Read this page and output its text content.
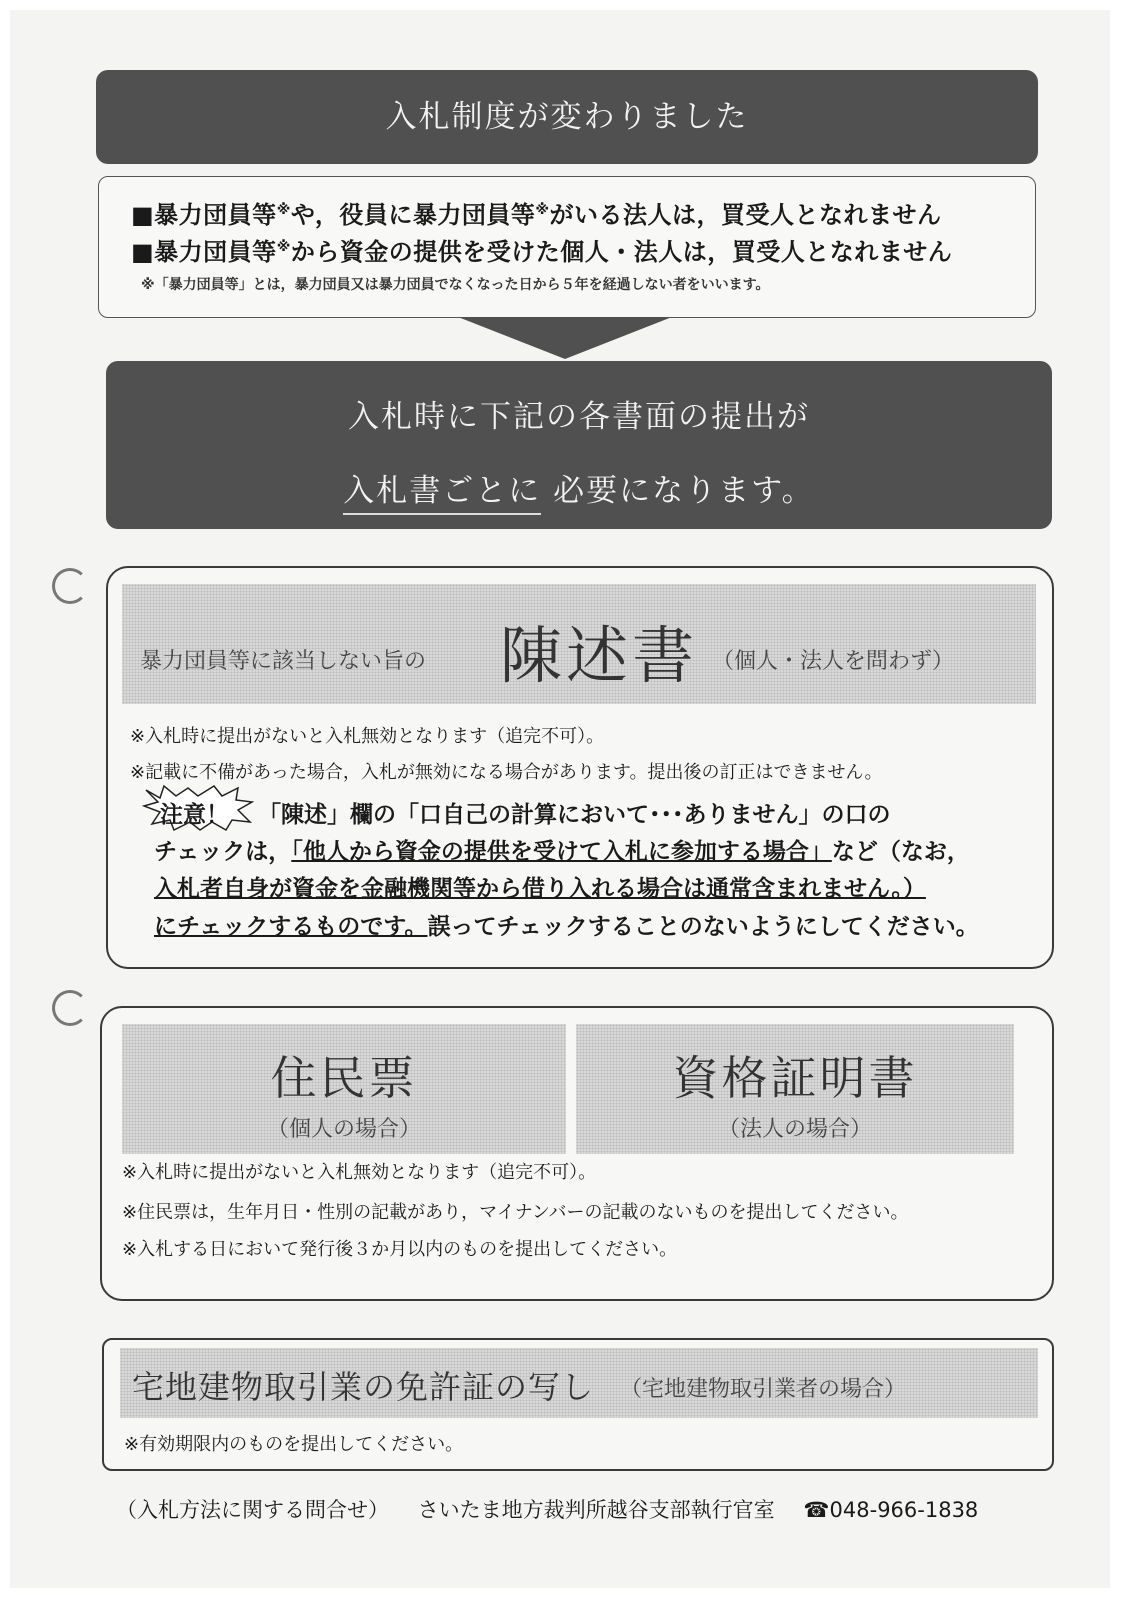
入札制度が変わりました
■暴力団員等※や，役員に暴力団員等※がいる法人は，買受人となれません
■暴力団員等※から資金の提供を受けた個人・法人は，買受人となれません
※「暴力団員等」とは，暴力団員又は暴力団員でなくなった日から５年を経過しない者をいいます。
入札時に下記の各書面の提出が
入札書ごとに 必要になります。
暴力団員等に該当しない旨の 陳述書 （個人・法人を問わず）
※入札時に提出がないと入札無効となります（追完不可）。
※記載に不備があった場合，入札が無効になる場合があります。提出後の訂正はできません。
注意！ 「陳述」欄の「口自己の計算において･･･ありません」の口の
チェックは，「他人から資金の提供を受けて入札に参加する場合」など（なお，
入札者自身が資金を金融機関等から借り入れる場合は通常含まれません。）
にチェックするものです。誤ってチェックすることのないようにしてください。
住民票
（個人の場合）
資格証明書
（法人の場合）
※入札時に提出がないと入札無効となります（追完不可）。
※住民票は，生年月日・性別の記載があり，マイナンバーの記載のないものを提出してください。
※入札する日において発行後３か月以内のものを提出してください。
宅地建物取引業の免許証の写し （宅地建物取引業者の場合）
※有効期限内のものを提出してください。
（入札方法に関する問合せ） さいたま地方裁判所越谷支部執行官室 ☎048-966-1838
